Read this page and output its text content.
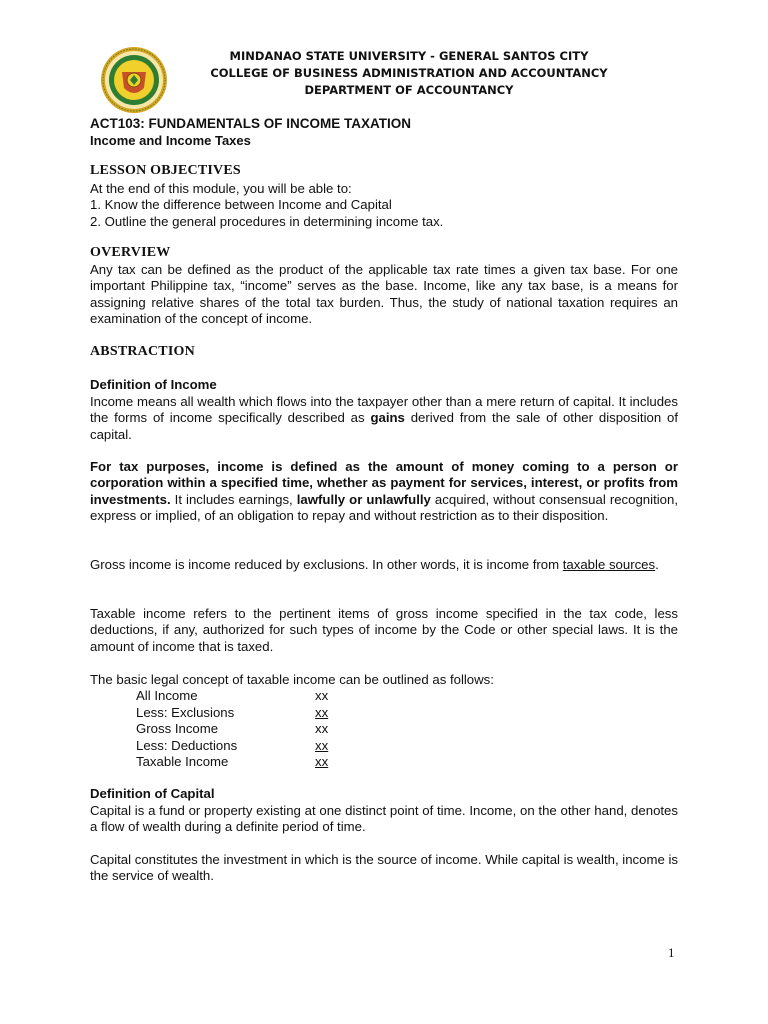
MINDANAO STATE UNIVERSITY - GENERAL SANTOS CITY
COLLEGE OF BUSINESS ADMINISTRATION AND ACCOUNTANCY
DEPARTMENT OF ACCOUNTANCY
ACT103: FUNDAMENTALS OF INCOME TAXATION
Income and Income Taxes
LESSON OBJECTIVES
At the end of this module, you will be able to:
1. Know the difference between Income and Capital
2. Outline the general procedures in determining income tax.
OVERVIEW
Any tax can be defined as the product of the applicable tax rate times a given tax base. For one important Philippine tax, “income” serves as the base. Income, like any tax base, is a means for assigning relative shares of the total tax burden. Thus, the study of national taxation requires an examination of the concept of income.
ABSTRACTION
Definition of Income
Income means all wealth which flows into the taxpayer other than a mere return of capital. It includes the forms of income specifically described as gains derived from the sale of other disposition of capital.
For tax purposes, income is defined as the amount of money coming to a person or corporation within a specified time, whether as payment for services, interest, or profits from investments. It includes earnings, lawfully or unlawfully acquired, without consensual recognition, express or implied, of an obligation to repay and without restriction as to their disposition.
Gross income is income reduced by exclusions. In other words, it is income from taxable sources.
Taxable income refers to the pertinent items of gross income specified in the tax code, less deductions, if any, authorized for such types of income by the Code or other special laws. It is the amount of income that is taxed.
The basic legal concept of taxable income can be outlined as follows:
All Income	xx
Less: Exclusions	xx
Gross Income	xx
Less: Deductions	xx
Taxable Income	xx
Definition of Capital
Capital is a fund or property existing at one distinct point of time. Income, on the other hand, denotes a flow of wealth during a definite period of time.
Capital constitutes the investment in which is the source of income. While capital is wealth, income is the service of wealth.
1
